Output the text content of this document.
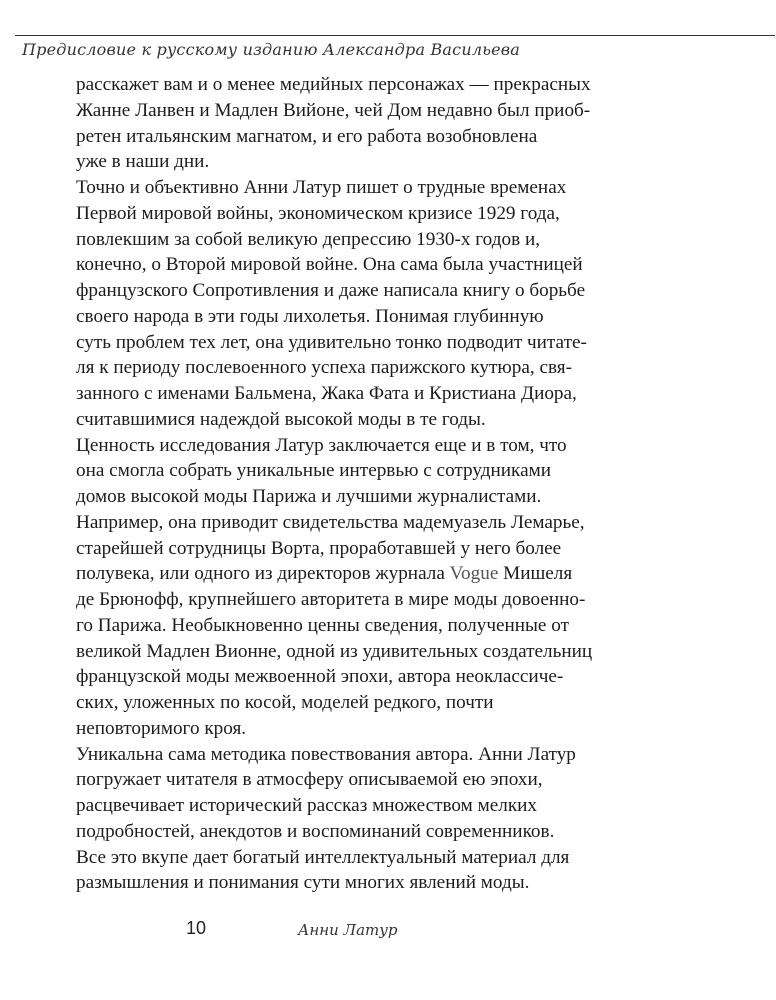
Предисловие к русскому изданию Александра Васильева
расскажет вам и о менее медийных персонажах — прекрасных
Жанне Ланвен и Мадлен Вийоне, чей Дом недавно был приоб-
ретен итальянским магнатом, и его работа возобновлена
уже в наши дни.
Точно и объективно Анни Латур пишет о трудные временах
Первой мировой войны, экономическом кризисе 1929 года,
повлекшим за собой великую депрессию 1930-х годов и,
конечно, о Второй мировой войне. Она сама была участницей
французского Сопротивления и даже написала книгу о борьбе
своего народа в эти годы лихолетья. Понимая глубинную
суть проблем тех лет, она удивительно тонко подводит читате-
ля к периоду послевоенного успеха парижского кутюра, свя-
занного с именами Бальмена, Жака Фата и Кристиана Диора,
считавшимися надеждой высокой моды в те годы.
Ценность исследования Латур заключается еще и в том, что
она смогла собрать уникальные интервью с сотрудниками
домов высокой моды Парижа и лучшими журналистами.
Например, она приводит свидетельства мадемуазель Лемарье,
старейшей сотрудницы Ворта, проработавшей у него более
полувека, или одного из директоров журнала Vogue Мишеля
де Брюнофф, крупнейшего авторитета в мире моды довоенно-
го Парижа. Необыкновенно ценны сведения, полученные от
великой Мадлен Вионне, одной из удивительных создательниц
французской моды межвоенной эпохи, автора неоклассиче-
ских, уложенных по косой, моделей редкого, почти
неповторимого кроя.
Уникальна сама методика повествования автора. Анни Латур
погружает читателя в атмосферу описываемой ею эпохи,
расцвечивает исторический рассказ множеством мелких
подробностей, анекдотов и воспоминаний современников.
Все это вкупе дает богатый интеллектуальный материал для
размышления и понимания сути многих явлений моды.
10	Анни Латур
